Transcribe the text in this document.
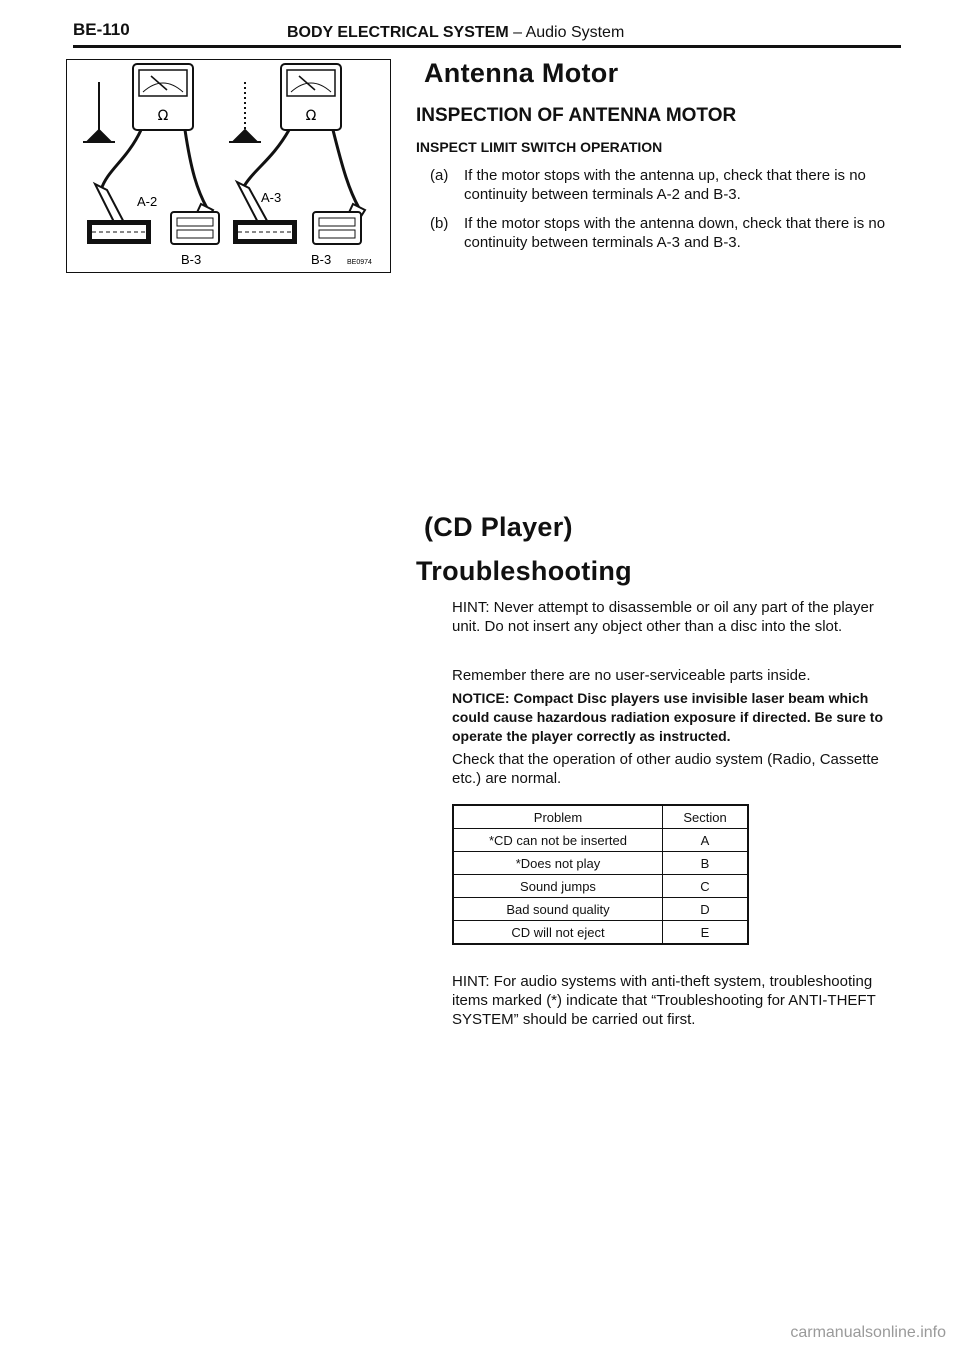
BE-110	BODY ELECTRICAL SYSTEM – Audio System
Ω	Ω
A-2	A-3
B-3	B-3 BE0974
Antenna Motor
INSPECTION OF ANTENNA MOTOR
INSPECT LIMIT SWITCH OPERATION
(a) If the motor stops with the antenna up, check that there is no continuity between terminals A-2 and B-3.
(b) If the motor stops with the antenna down, check that there is no continuity between terminals A-3 and B-3.
(CD Player)
Troubleshooting
HINT: Never attempt to disassemble or oil any part of the player unit. Do not insert any object other than a disc into the slot.
Remember there are no user-serviceable parts inside.
NOTICE: Compact Disc players use invisible laser beam which could cause hazardous radiation exposure if directed. Be sure to operate the player correctly as instructed.
Check that the operation of other audio system (Radio, Cassette etc.) are normal.
Problem	Section
*CD can not be inserted	A
*Does not play	B
Sound jumps	C
Bad sound quality	D
CD will not eject	E
HINT: For audio systems with anti-theft system, troubleshooting items marked (*) indicate that “Troubleshooting for ANTI-THEFT SYSTEM” should be carried out first.
carmanualsonline.info
